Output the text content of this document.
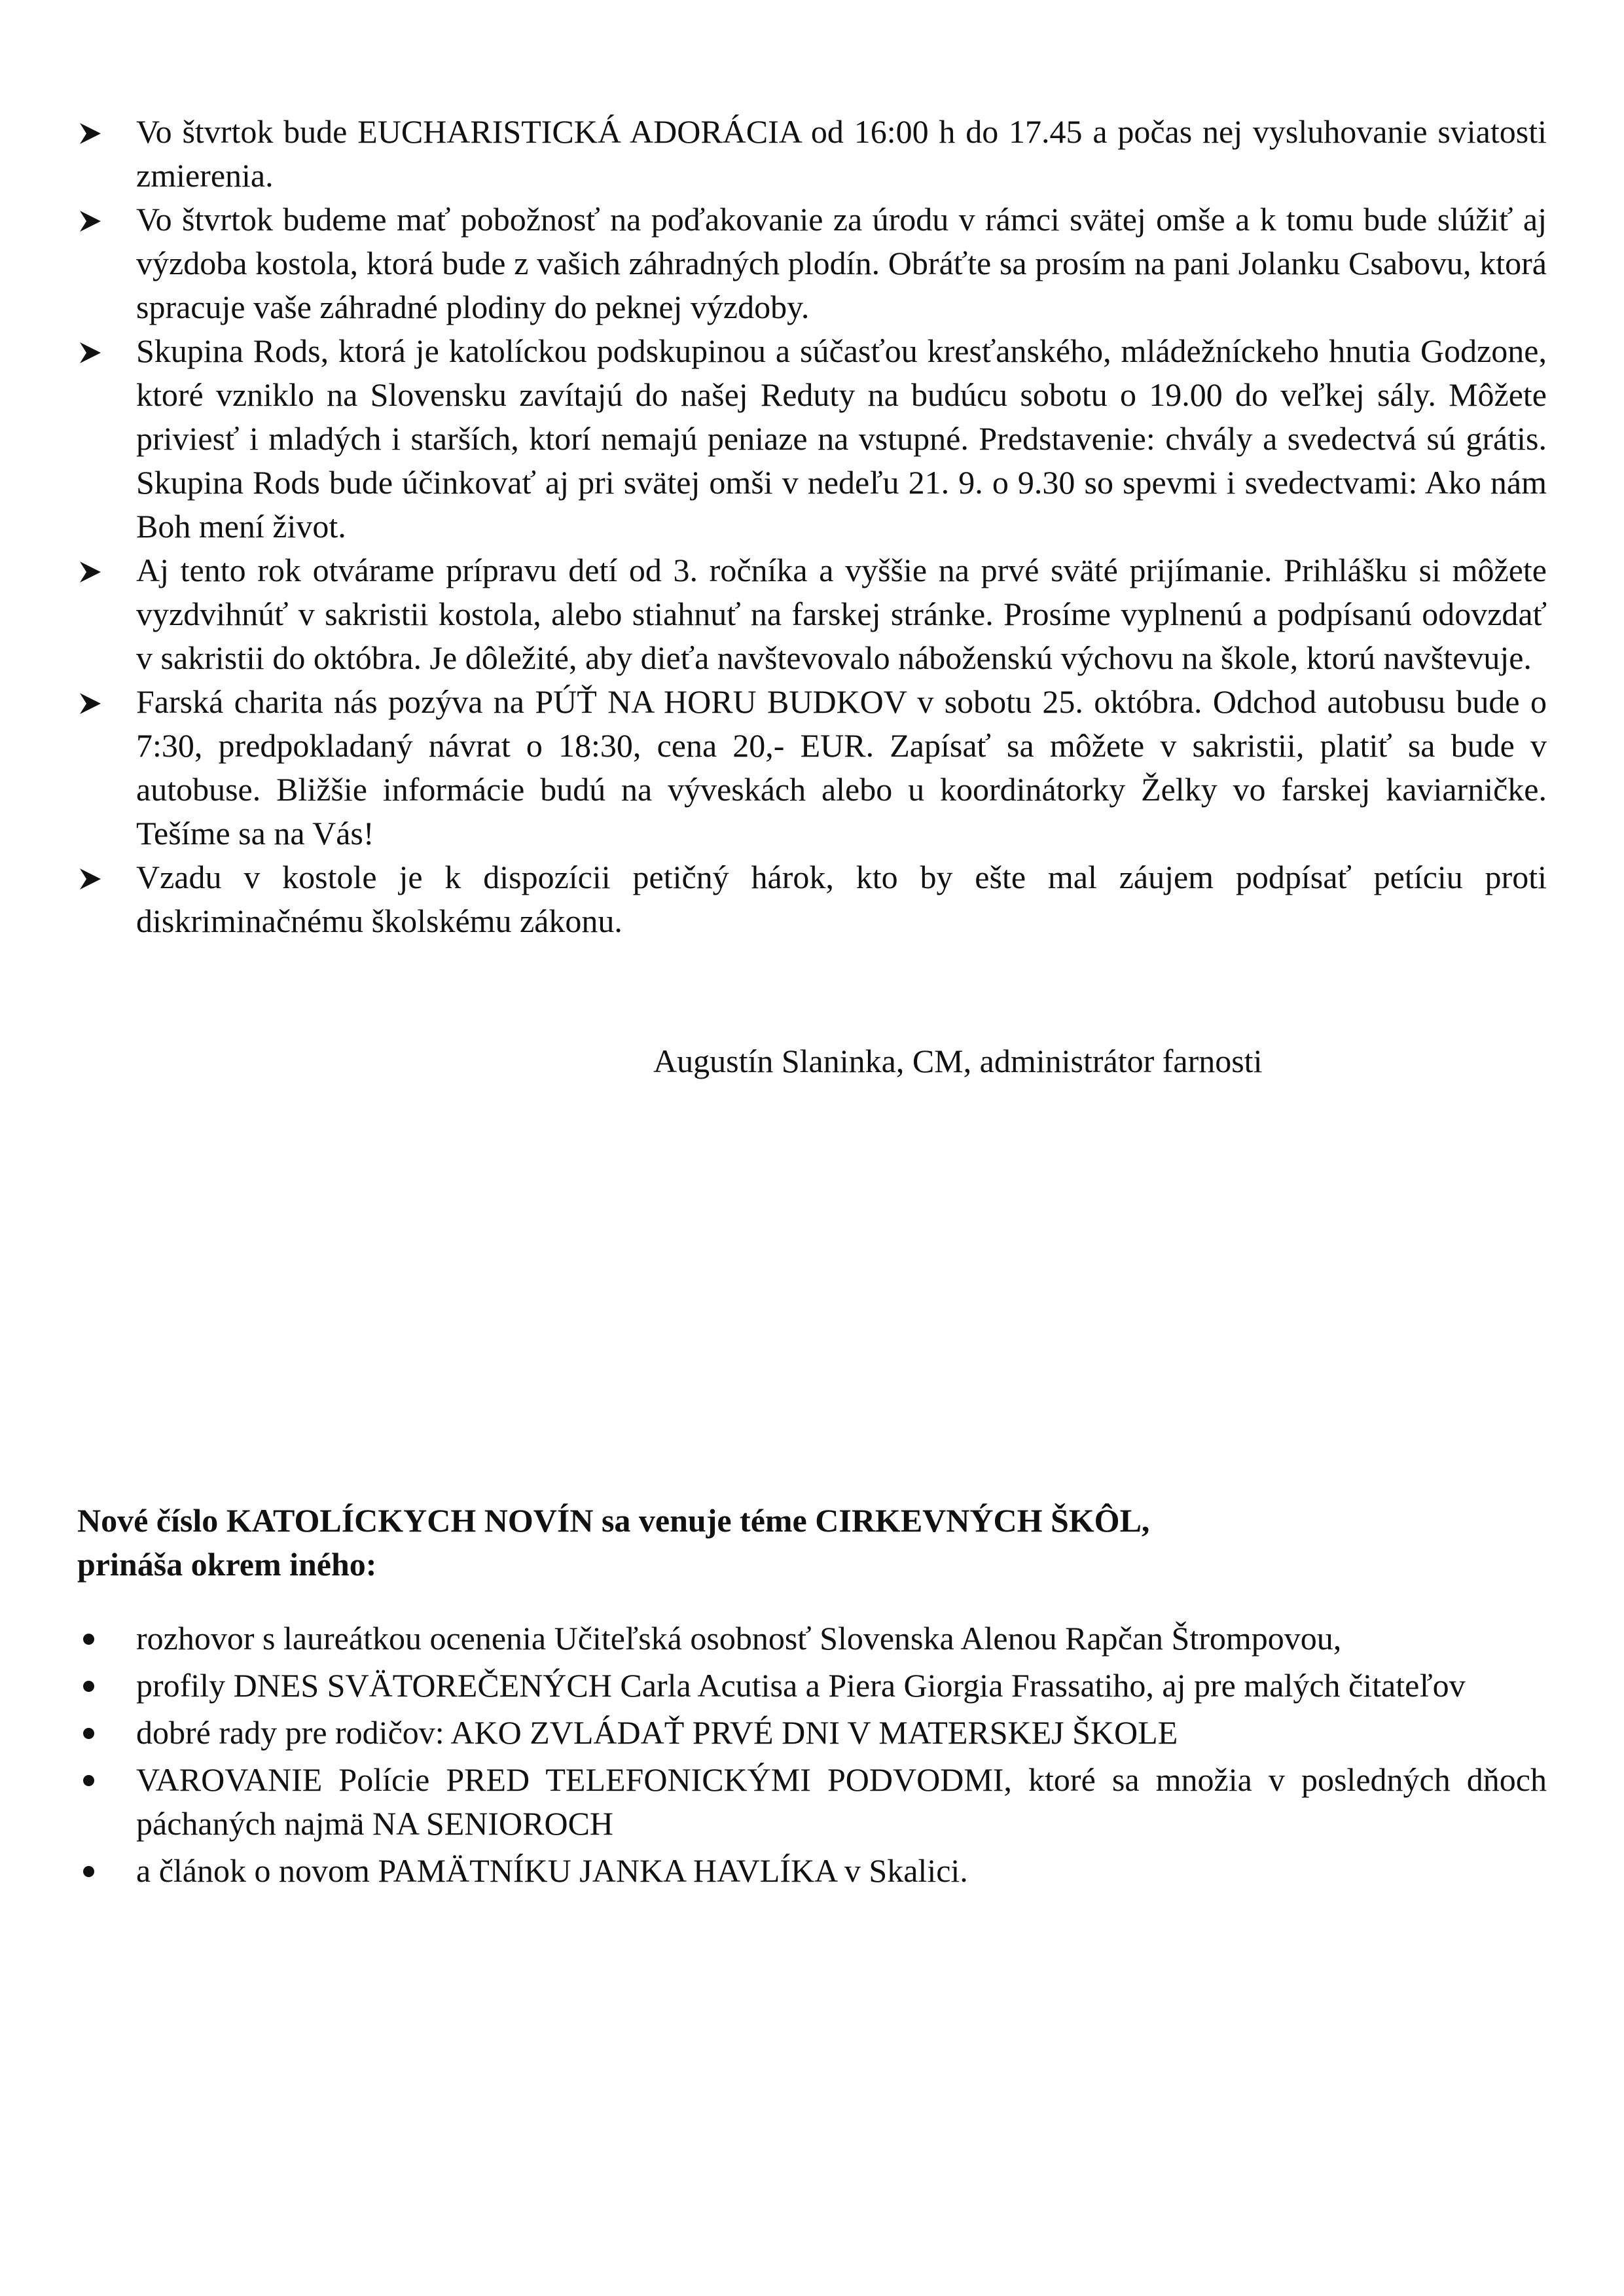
Vo štvrtok bude EUCHARISTICKÁ ADORÁCIA od 16:00 h do 17.45 a počas nej vysluhovanie sviatosti zmierenia.
Vo štvrtok budeme mať pobožnosť na poďakovanie za úrodu v rámci svätej omše a k tomu bude slúžiť aj výzdoba kostola, ktorá bude z vašich záhradných plodín. Obráťte sa prosím na pani Jolanku Csabovu, ktorá spracuje vaše záhradné plodiny do peknej výzdoby.
Skupina Rods, ktorá je katolíckou podskupinou a súčasťou kresťanského, mládežníckeho hnutia Godzone, ktoré vzniklo na Slovensku zavítajú do našej Reduty na budúcu sobotu o 19.00 do veľkej sály. Môžete priviesť i mladých i starších, ktorí nemajú peniaze na vstupné. Predstavenie: chvály a svedectvá sú grátis. Skupina Rods bude účinkovať aj pri svätej omši v nedeľu 21. 9. o 9.30 so spevmi i svedectvami: Ako nám Boh mení život.
Aj tento rok otvárame prípravu detí od 3. ročníka a vyššie na prvé sväté prijímanie. Prihlášku si môžete vyzdvihnúť v sakristii kostola, alebo stiahnuť na farskej stránke. Prosíme vyplnenú a podpísanú odovzdať v sakristii do októbra. Je dôležité, aby dieťa navštevovalo náboženskú výchovu na škole, ktorú navštevuje.
Farská charita nás pozýva na PÚŤ NA HORU BUDKOV v sobotu 25. októbra. Odchod autobusu bude o 7:30, predpokladaný návrat o 18:30, cena 20,- EUR. Zapísať sa môžete v sakristii, platiť sa bude v autobuse. Bližšie informácie budú na výveskách alebo u koordinátorky Želky vo farskej kaviarničke. Tešíme sa na Vás!
Vzadu v kostole je k dispozícii petičný hárok, kto by ešte mal záujem podpísať petíciu proti diskriminačnému školskému zákonu.
Augustín Slaninka, CM, administrátor farnosti
Nové číslo KATOLÍCKYCH NOVÍN sa venuje téme CIRKEVNÝCH ŠKÔL,
prináša okrem iného:
rozhovor s laureátkou ocenenia Učiteľská osobnosť Slovenska Alenou Rapčan Štrompovou,
profily DNES SVÄTOREČENÝCH Carla Acutisa a Piera Giorgia Frassatiho, aj pre malých čitateľov
dobré rady pre rodičov: AKO ZVLÁDAŤ PRVÉ DNI V MATERSKEJ ŠKOLE
VAROVANIE Polície PRED TELEFONICKÝMI PODVODMI, ktoré sa množia v posledných dňoch páchaných najmä NA SENIOROCH
a článok o novom PAMÄTNÍKU JANKA HAVLÍKA v Skalici.
